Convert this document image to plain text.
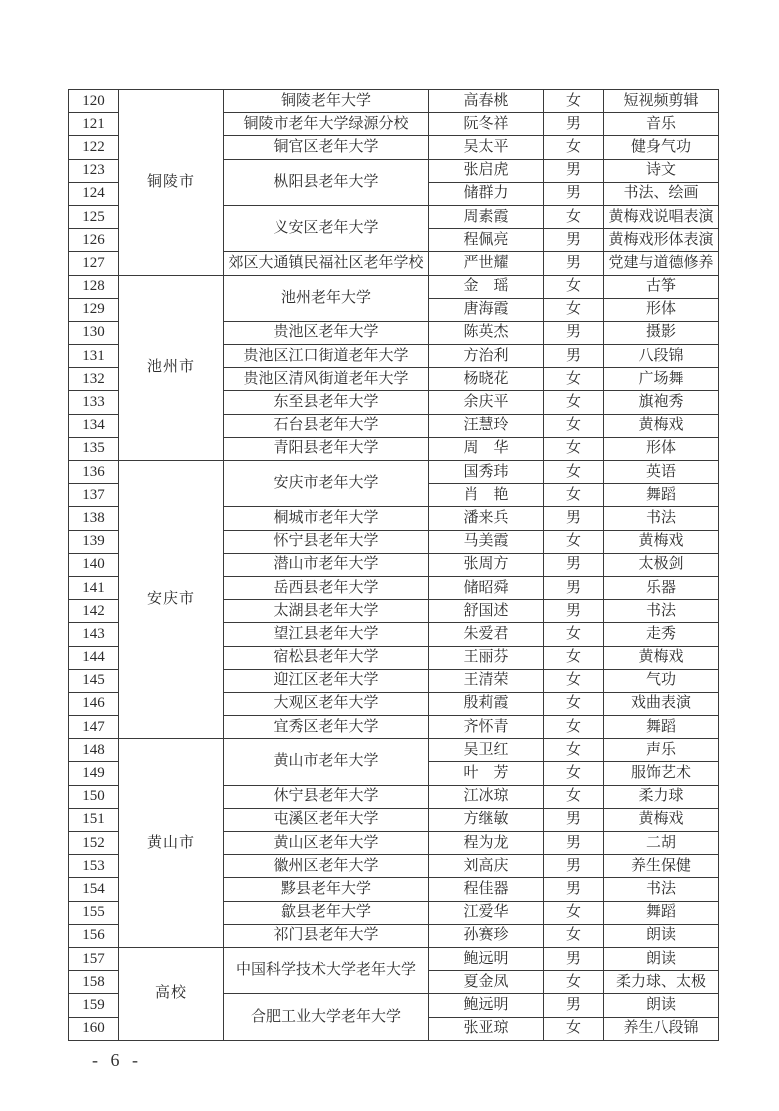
120	铜陵市	铜陵老年大学	高春桃	女	短视频剪辑
121		铜陵市老年大学绿源分校	阮冬祥	男	音乐
122		铜官区老年大学	吴太平	女	健身气功
123		枞阳县老年大学	张启虎	男	诗文
124			储群力	男	书法、绘画
125		义安区老年大学	周素霞	女	黄梅戏说唱表演
126			程佩亮	男	黄梅戏形体表演
127		郊区大通镇民福社区老年学校	严世耀	男	党建与道德修养
128	池州市	池州老年大学	金　瑶	女	古筝
129			唐海霞	女	形体
130		贵池区老年大学	陈英杰	男	摄影
131		贵池区江口街道老年大学	方治利	男	八段锦
132		贵池区清风街道老年大学	杨晓花	女	广场舞
133		东至县老年大学	余庆平	女	旗袍秀
134		石台县老年大学	汪慧玲	女	黄梅戏
135		青阳县老年大学	周　华	女	形体
136	安庆市	安庆市老年大学	国秀玮	女	英语
137			肖　艳	女	舞蹈
138		桐城市老年大学	潘来兵	男	书法
139		怀宁县老年大学	马美霞	女	黄梅戏
140		潜山市老年大学	张周方	男	太极剑
141		岳西县老年大学	储昭舜	男	乐器
142		太湖县老年大学	舒国述	男	书法
143		望江县老年大学	朱爱君	女	走秀
144		宿松县老年大学	王丽芬	女	黄梅戏
145		迎江区老年大学	王清荣	女	气功
146		大观区老年大学	殷莉霞	女	戏曲表演
147		宜秀区老年大学	齐怀青	女	舞蹈
148	黄山市	黄山市老年大学	吴卫红	女	声乐
149			叶　芳	女	服饰艺术
150		休宁县老年大学	江冰琼	女	柔力球
151		屯溪区老年大学	方继敏	男	黄梅戏
152		黄山区老年大学	程为龙	男	二胡
153		徽州区老年大学	刘高庆	男	养生保健
154		黟县老年大学	程佳器	男	书法
155		歙县老年大学	江爱华	女	舞蹈
156		祁门县老年大学	孙赛珍	女	朗读
157	高校	中国科学技术大学老年大学	鲍远明	男	朗读
158			夏金凤	女	柔力球、太极
159		合肥工业大学老年大学	鲍远明	男	朗读
160			张亚琼	女	养生八段锦
- 6 -
